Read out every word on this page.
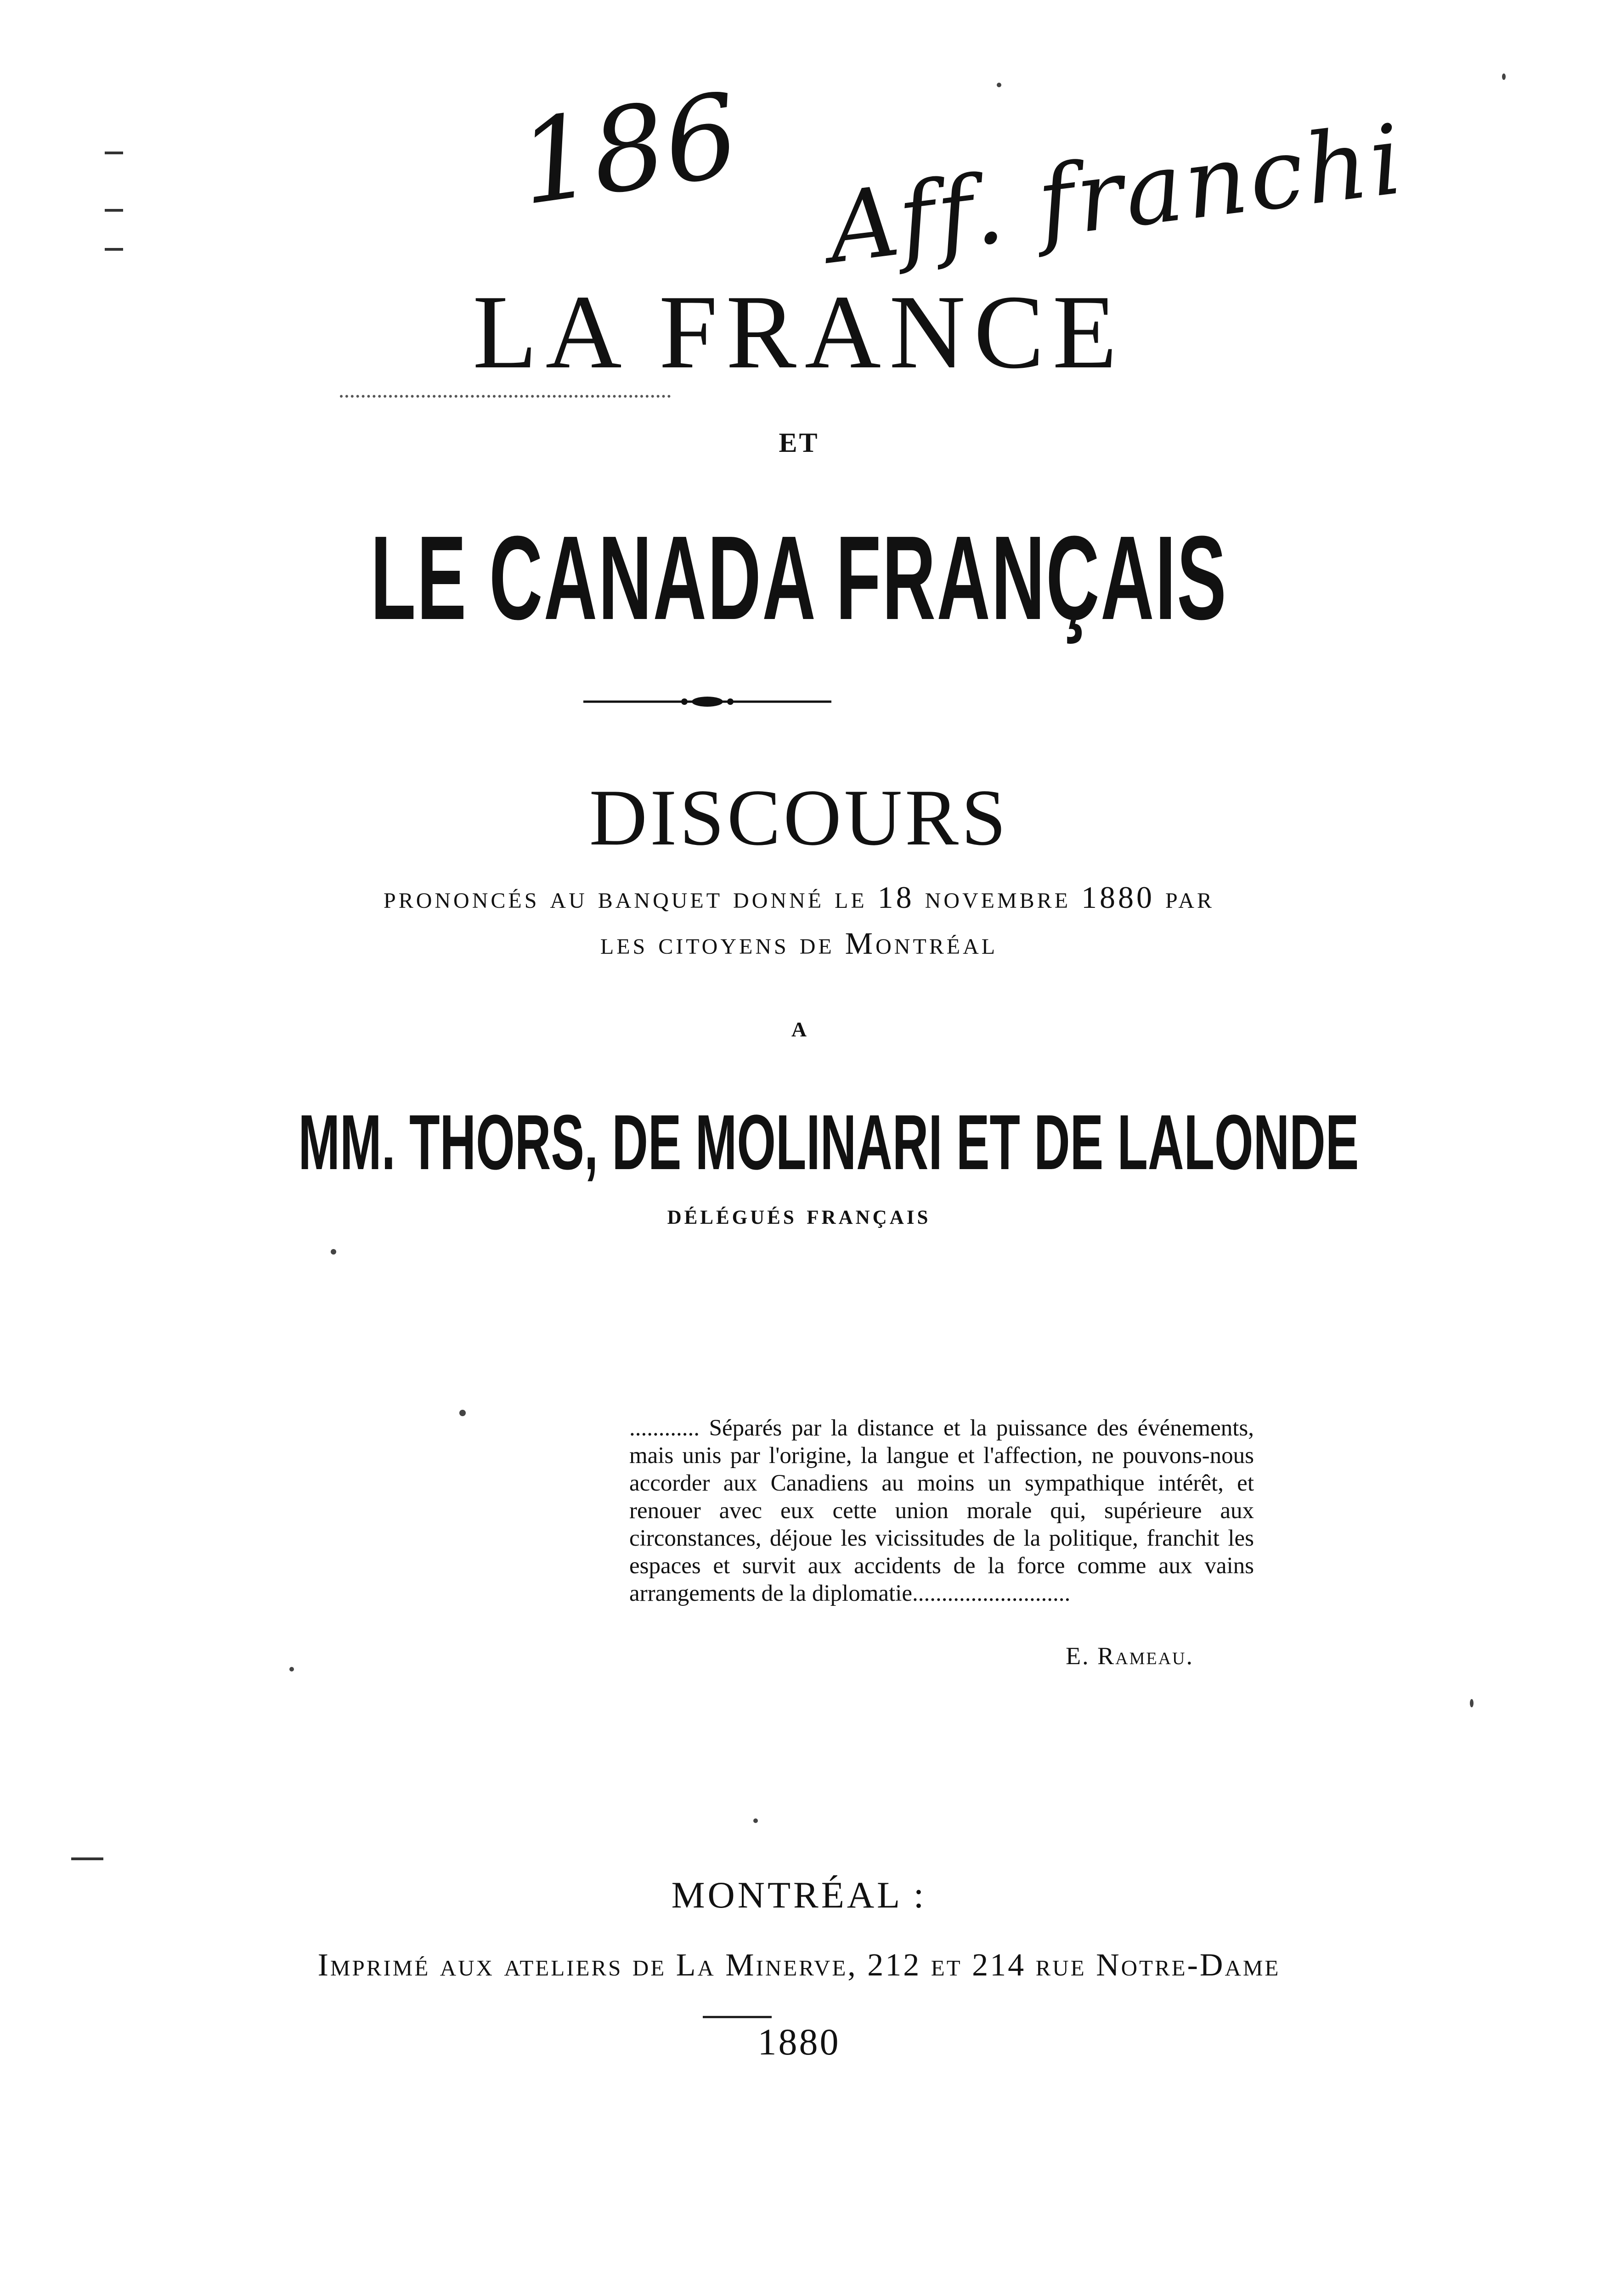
186 Aff. franchi
LA FRANCE
ET
LE CANADA FRANÇAIS
DISCOURS
prononcés au banquet donné le 18 novembre 1880 par
les citoyens de Montréal
A
MM. THORS, DE MOLINARI ET DE LALONDE
délégués français
............ Séparés par la distance et la puissance des événements, mais unis par l'origine, la langue et l'affection, ne pouvons-nous accorder aux Canadiens au moins un sympathique intérêt, et renouer avec eux cette union morale qui, supérieure aux circonstances, déjoue les vicissitudes de la politique, franchit les espaces et survit aux accidents de la force comme aux vains arrangements de la diplomatie...........................
E. Rameau.
MONTRÉAL :
Imprimé aux ateliers de La Minerve, 212 et 214 rue Notre-Dame
1880
